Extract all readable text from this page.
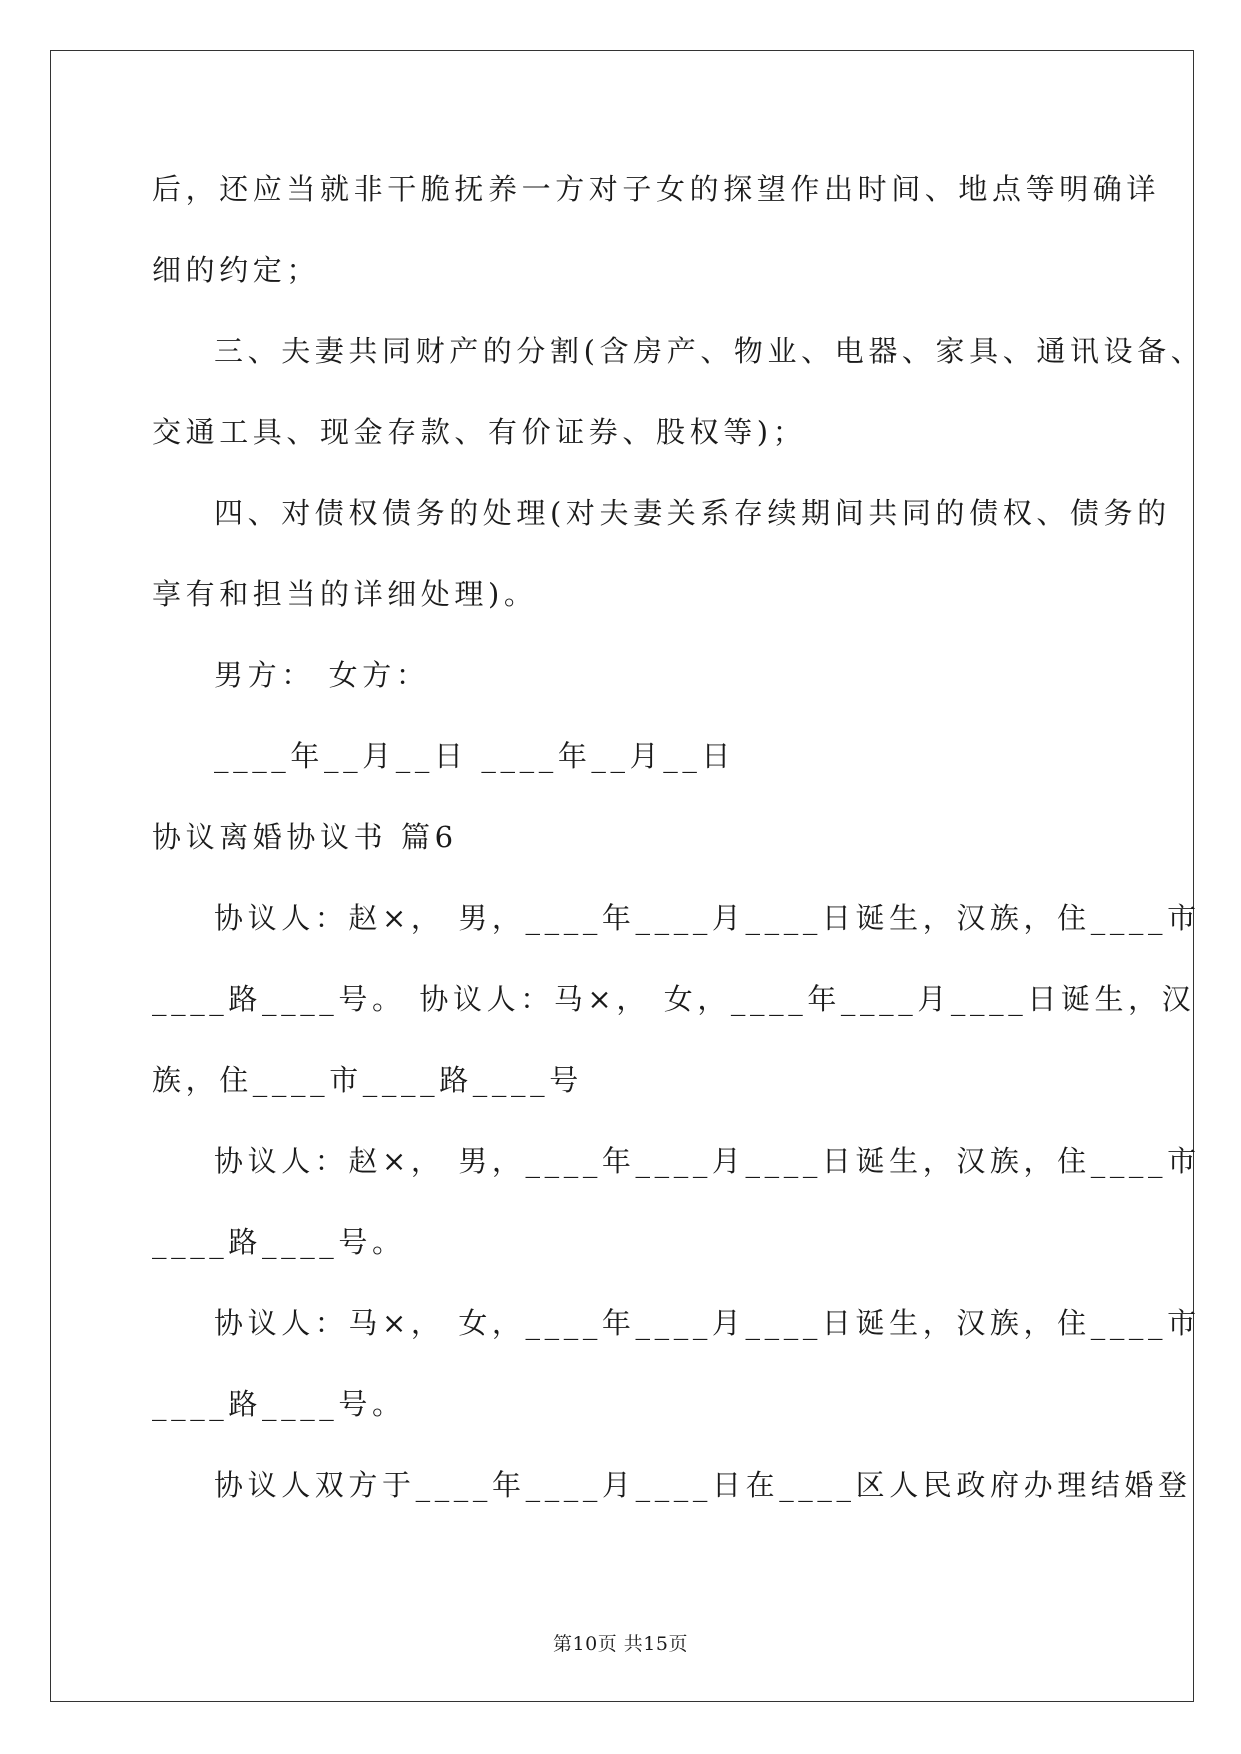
后，还应当就非干脆抚养一方对子女的探望作出时间、地点等明确详
细的约定；
三、夫妻共同财产的分割(含房产、物业、电器、家具、通讯设备、
交通工具、现金存款、有价证券、股权等)；
四、对债权债务的处理(对夫妻关系存续期间共同的债权、债务的
享有和担当的详细处理)。
男方： 女方：
____年__月__日 ____年__月__日
协议离婚协议书 篇6
协议人：赵×， 男，____年____月____日诞生，汉族，住____市
____路____号。 协议人：马×， 女，____年____月____日诞生，汉
族，住____市____路____号
协议人：赵×， 男，____年____月____日诞生，汉族，住____市
____路____号。
协议人：马×， 女，____年____月____日诞生，汉族，住____市
____路____号。
协议人双方于____年____月____日在____区人民政府办理结婚登
第10页 共15页
